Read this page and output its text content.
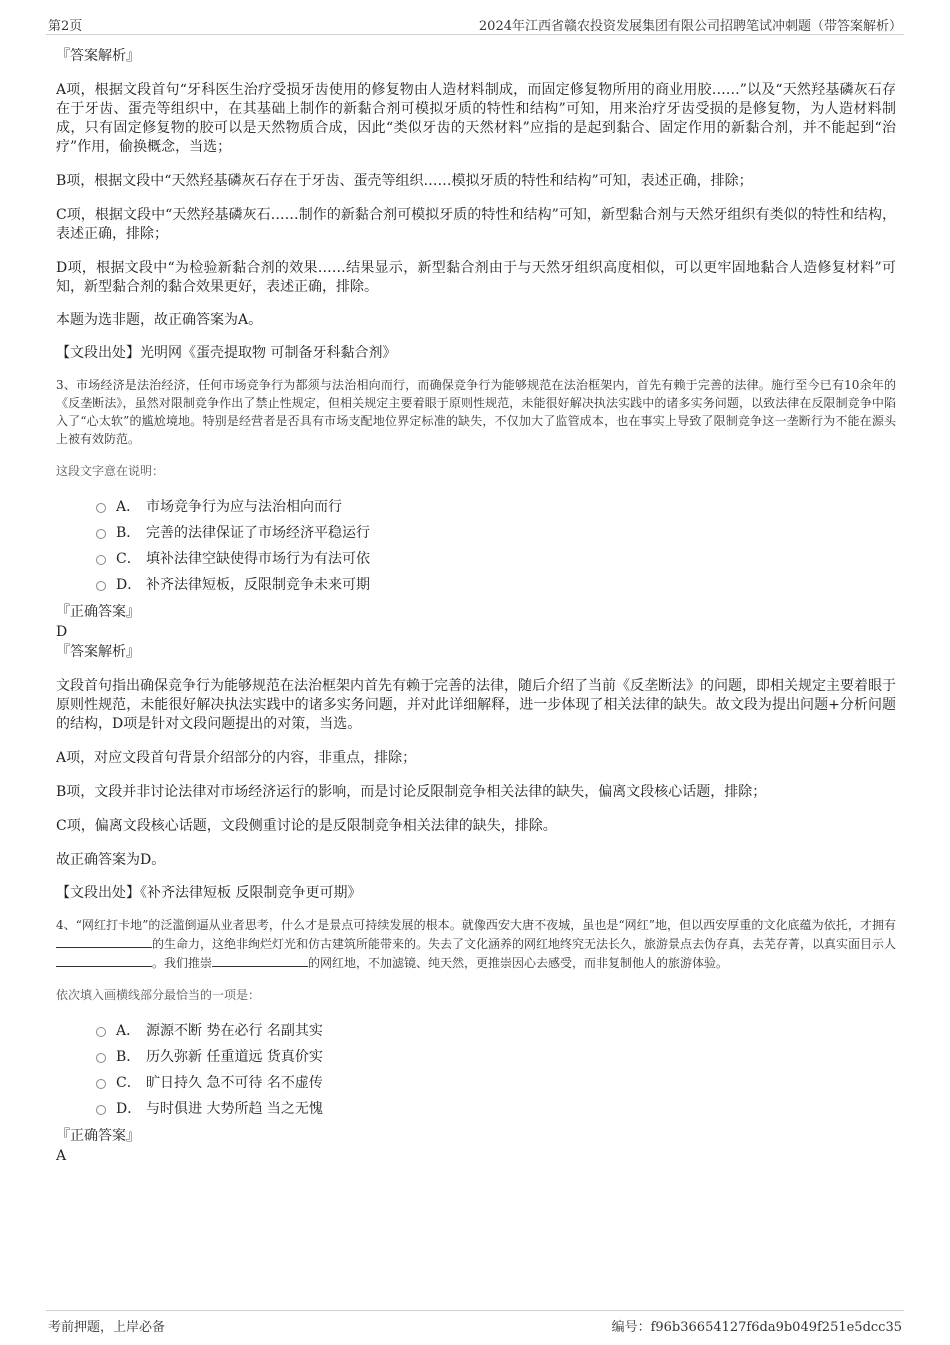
第2页	2024年江西省赣农投资发展集团有限公司招聘笔试冲刺题（带答案解析）

『答案解析』

A项，根据文段首句“牙科医生治疗受损牙齿使用的修复物由人造材料制成，而固定修复物所用的商业用胶……”以及“天然羟基磷灰石存在于牙齿、蛋壳等组织中，在其基础上制作的新黏合剂可模拟牙质的特性和结构”可知，用来治疗牙齿受损的是修复物，为人造材料制成，只有固定修复物的胶可以是天然物质合成，因此“类似牙齿的天然材料”应指的是起到黏合、固定作用的新黏合剂，并不能起到“治疗”作用，偷换概念，当选；

B项，根据文段中“天然羟基磷灰石存在于牙齿、蛋壳等组织……模拟牙质的特性和结构”可知，表述正确，排除；

C项，根据文段中“天然羟基磷灰石……制作的新黏合剂可模拟牙质的特性和结构”可知，新型黏合剂与天然牙组织有类似的特性和结构，表述正确，排除；

D项，根据文段中“为检验新黏合剂的效果……结果显示，新型黏合剂由于与天然牙组织高度相似，可以更牢固地黏合人造修复材料”可知，新型黏合剂的黏合效果更好，表述正确，排除。

本题为选非题，故正确答案为A。

【文段出处】光明网《蛋壳提取物 可制备牙科黏合剂》

3、市场经济是法治经济，任何市场竞争行为都须与法治相向而行，而确保竞争行为能够规范在法治框架内，首先有赖于完善的法律。施行至今已有10余年的《反垄断法》，虽然对限制竞争作出了禁止性规定，但相关规定主要着眼于原则性规范，未能很好解决执法实践中的诸多实务问题，以致法律在反限制竞争中陷入了“心太软”的尴尬境地。特别是经营者是否具有市场支配地位界定标准的缺失，不仅加大了监管成本，也在事实上导致了限制竞争这一垄断行为不能在源头上被有效防范。

这段文字意在说明：

A． 市场竞争行为应与法治相向而行
B． 完善的法律保证了市场经济平稳运行
C． 填补法律空缺使得市场行为有法可依
D． 补齐法律短板，反限制竞争未来可期

『正确答案』

D

『答案解析』

文段首句指出确保竞争行为能够规范在法治框架内首先有赖于完善的法律，随后介绍了当前《反垄断法》的问题，即相关规定主要着眼于原则性规范，未能很好解决执法实践中的诸多实务问题，并对此详细解释，进一步体现了相关法律的缺失。故文段为提出问题+分析问题的结构，D项是针对文段问题提出的对策，当选。

A项，对应文段首句背景介绍部分的内容，非重点，排除；

B项，文段并非讨论法律对市场经济运行的影响，而是讨论反限制竞争相关法律的缺失，偏离文段核心话题，排除；

C项，偏离文段核心话题，文段侧重讨论的是反限制竞争相关法律的缺失，排除。

故正确答案为D。

【文段出处】《补齐法律短板 反限制竞争更可期》

4、“网红打卡地”的泛滥倒逼从业者思考，什么才是景点可持续发展的根本。就像西安大唐不夜城，虽也是“网红”地，但以西安厚重的文化底蕴为依托，才拥有的生命力，这绝非绚烂灯光和仿古建筑所能带来的。失去了文化涵养的网红地终究无法长久，旅游景点去伪存真，去芜存菁，以真实面目示人。我们推崇	的网红地，不加滤镜、纯天然，更推崇因心去感受，而非复制他人的旅游体验。

依次填入画横线部分最恰当的一项是：

A． 源源不断 势在必行 名副其实
B． 历久弥新 任重道远 货真价实
C． 旷日持久 急不可待 名不虚传
D． 与时俱进 大势所趋 当之无愧

『正确答案』

A

考前押题，上岸必备	编号：f96b36654127f6da9b049f251e5dcc35
